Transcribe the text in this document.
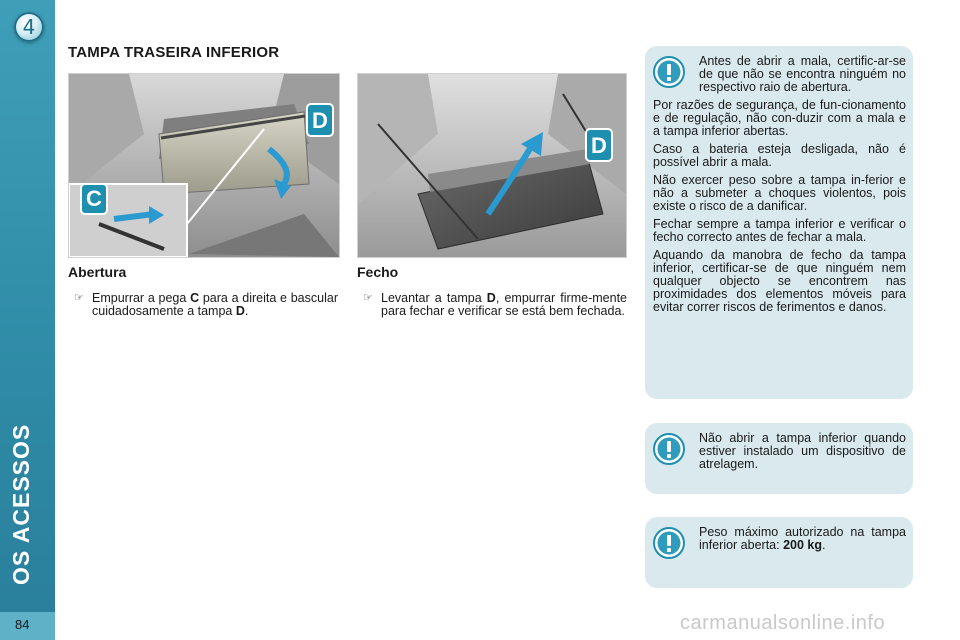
4
OS ACESSOS
84
TAMPA TRASEIRA INFERIOR
D
C
D
Abertura
☞ Empurrar a pega C para a direita e bascular cuidadosamente a tampa D.
Fecho
☞ Levantar a tampa D, empurrar firme-mente para fechar e verificar se está bem fechada.

Antes de abrir a mala, certific-ar-se de que não se encontra ninguém no respectivo raio de abertura.

Por razões de segurança, de fun-cionamento e de regulação, não con-duzir com a mala e a tampa inferior abertas.

Caso a bateria esteja desligada, não é possível abrir a mala.

Não exercer peso sobre a tampa in-ferior e não a submeter a choques violentos, pois existe o risco de a danificar.

Fechar sempre a tampa inferior e verificar o fecho correcto antes de fechar a mala.

Aquando da manobra de fecho da tampa inferior, certificar-se de que ninguém nem qualquer objecto se encontrem nas proximidades dos elementos móveis para evitar correr riscos de ferimentos e danos.

Não abrir a tampa inferior quando estiver instalado um dispositivo de atrelagem.
Peso máximo autorizado na tampa inferior aberta: 200 kg.
carmanualsonline.info
